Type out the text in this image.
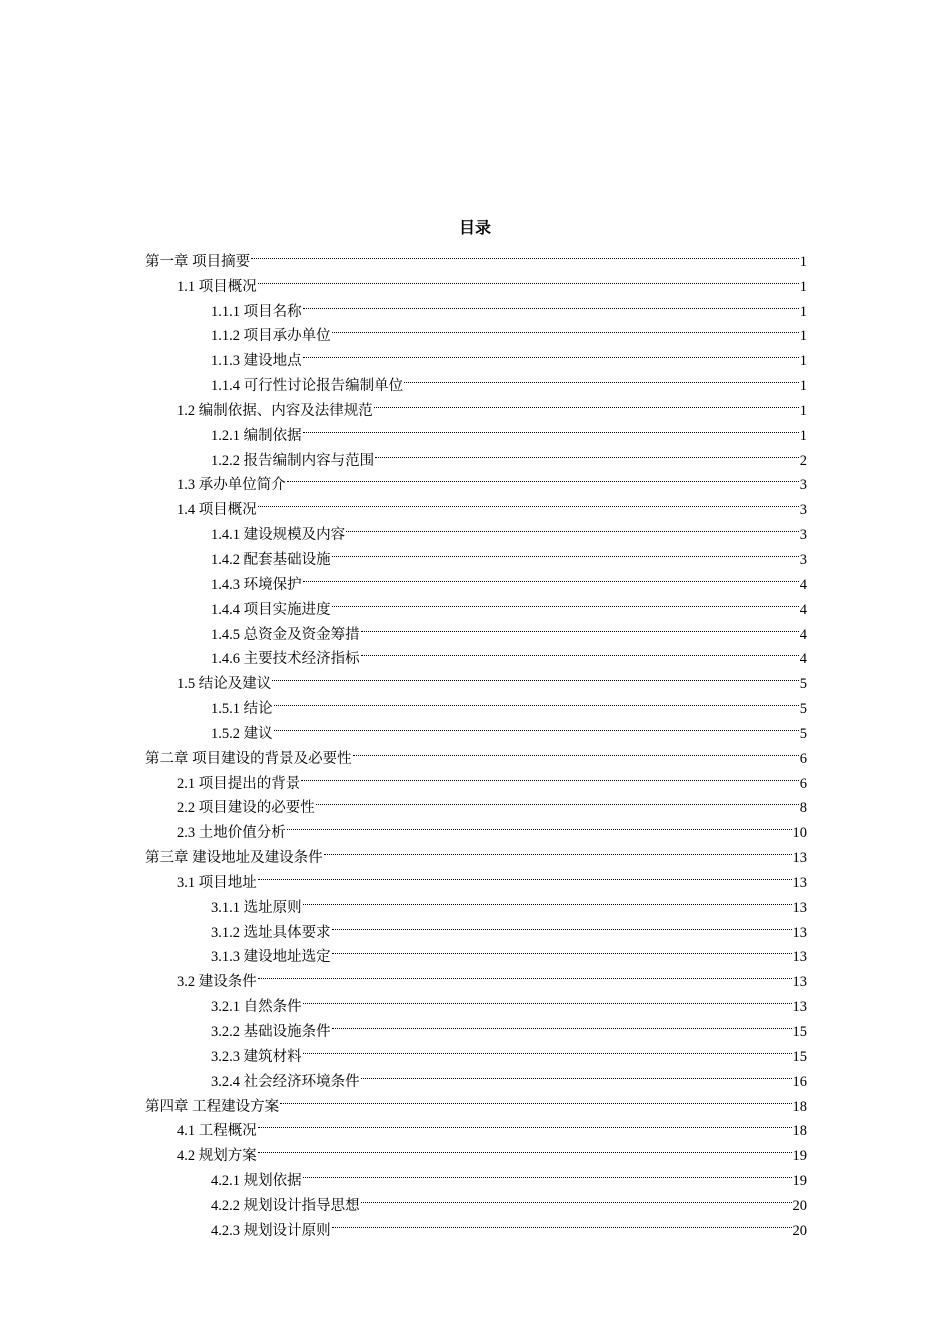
目录
第一章 项目摘要	1
1.1 项目概况	1
1.1.1 项目名称	1
1.1.2 项目承办单位	1
1.1.3 建设地点	1
1.1.4 可行性讨论报告编制单位	1
1.2 编制依据、内容及法律规范	1
1.2.1 编制依据	1
1.2.2 报告编制内容与范围	2
1.3 承办单位简介	3
1.4 项目概况	3
1.4.1 建设规模及内容	3
1.4.2 配套基础设施	3
1.4.3 环境保护	4
1.4.4 项目实施进度	4
1.4.5 总资金及资金筹措	4
1.4.6 主要技术经济指标	4
1.5 结论及建议	5
1.5.1 结论	5
1.5.2 建议	5
第二章 项目建设的背景及必要性	6
2.1 项目提出的背景	6
2.2 项目建设的必要性	8
2.3 土地价值分析	10
第三章 建设地址及建设条件	13
3.1 项目地址	13
3.1.1 选址原则	13
3.1.2 选址具体要求	13
3.1.3 建设地址选定	13
3.2 建设条件	13
3.2.1 自然条件	13
3.2.2 基础设施条件	15
3.2.3 建筑材料	15
3.2.4 社会经济环境条件	16
第四章 工程建设方案	18
4.1 工程概况	18
4.2 规划方案	19
4.2.1 规划依据	19
4.2.2 规划设计指导思想	20
4.2.3 规划设计原则	20
